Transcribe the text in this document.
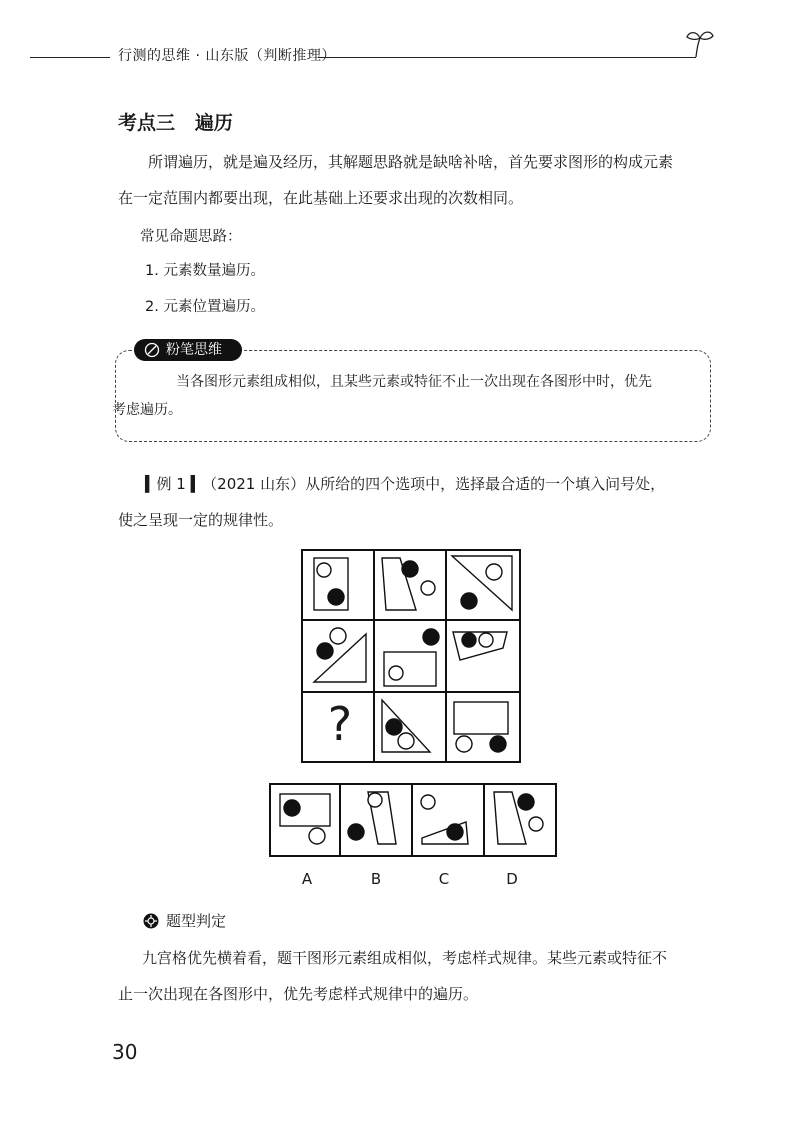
行测的思维 · 山东版（判断推理）
考点三   遍历
所谓遍历，就是遍及经历，其解题思路就是缺啥补啥，首先要求图形的构成元素
在一定范围内都要出现，在此基础上还要求出现的次数相同。
常见命题思路：
1. 元素数量遍历。
2. 元素位置遍历。
粉笔思维
当各图形元素组成相似，且某些元素或特征不止一次出现在各图形中时，优先
考虑遍历。
▍例 1 ▍（2021 山东）从所给的四个选项中，选择最合适的一个填入问号处，
使之呈现一定的规律性。
?
A	B	C	D
题型判定
九宫格优先横着看，题干图形元素组成相似，考虑样式规律。某些元素或特征不
止一次出现在各图形中，优先考虑样式规律中的遍历。
30
